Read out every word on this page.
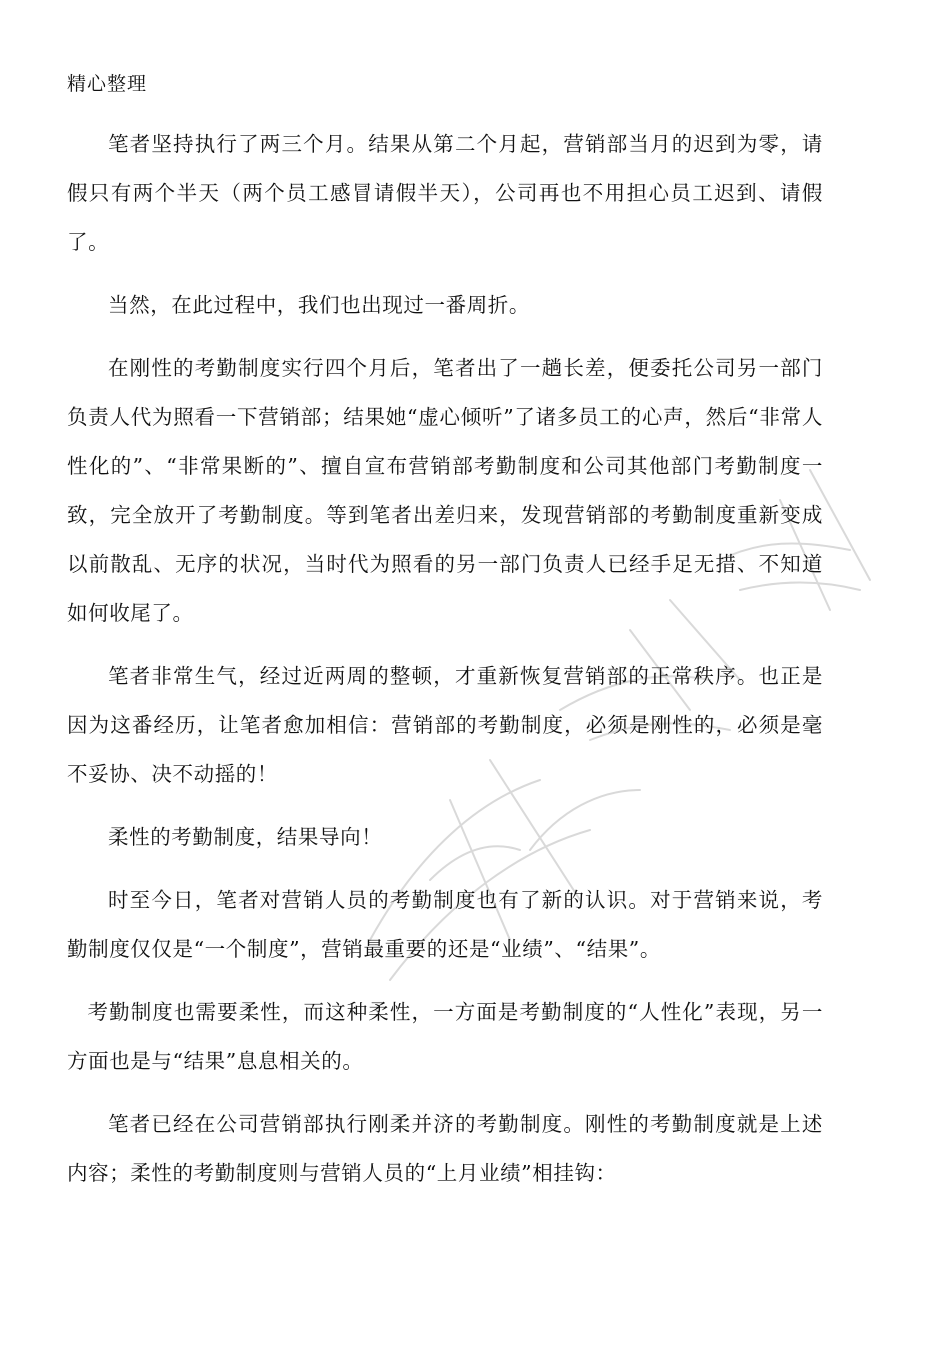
精心整理

笔者坚持执行了两三个月。结果从第二个月起，营销部当月的迟到为零，请假只有两个半天（两个员工感冒请假半天），公司再也不用担心员工迟到、请假了。

当然，在此过程中，我们也出现过一番周折。

在刚性的考勤制度实行四个月后，笔者出了一趟长差，便委托公司另一部门负责人代为照看一下营销部；结果她“虚心倾听”了诸多员工的心声，然后“非常人性化的”、“非常果断的”、擅自宣布营销部考勤制度和公司其他部门考勤制度一致，完全放开了考勤制度。等到笔者出差归来，发现营销部的考勤制度重新变成以前散乱、无序的状况，当时代为照看的另一部门负责人已经手足无措、不知道如何收尾了。

笔者非常生气，经过近两周的整顿，才重新恢复营销部的正常秩序。也正是因为这番经历，让笔者愈加相信：营销部的考勤制度，必须是刚性的，必须是毫不妥协、决不动摇的！

柔性的考勤制度，结果导向！

时至今日，笔者对营销人员的考勤制度也有了新的认识。对于营销来说，考勤制度仅仅是“一个制度”，营销最重要的还是“业绩”、“结果”。

考勤制度也需要柔性，而这种柔性，一方面是考勤制度的“人性化”表现，另一方面也是与“结果”息息相关的。

笔者已经在公司营销部执行刚柔并济的考勤制度。刚性的考勤制度就是上述内容；柔性的考勤制度则与营销人员的“上月业绩”相挂钩：
